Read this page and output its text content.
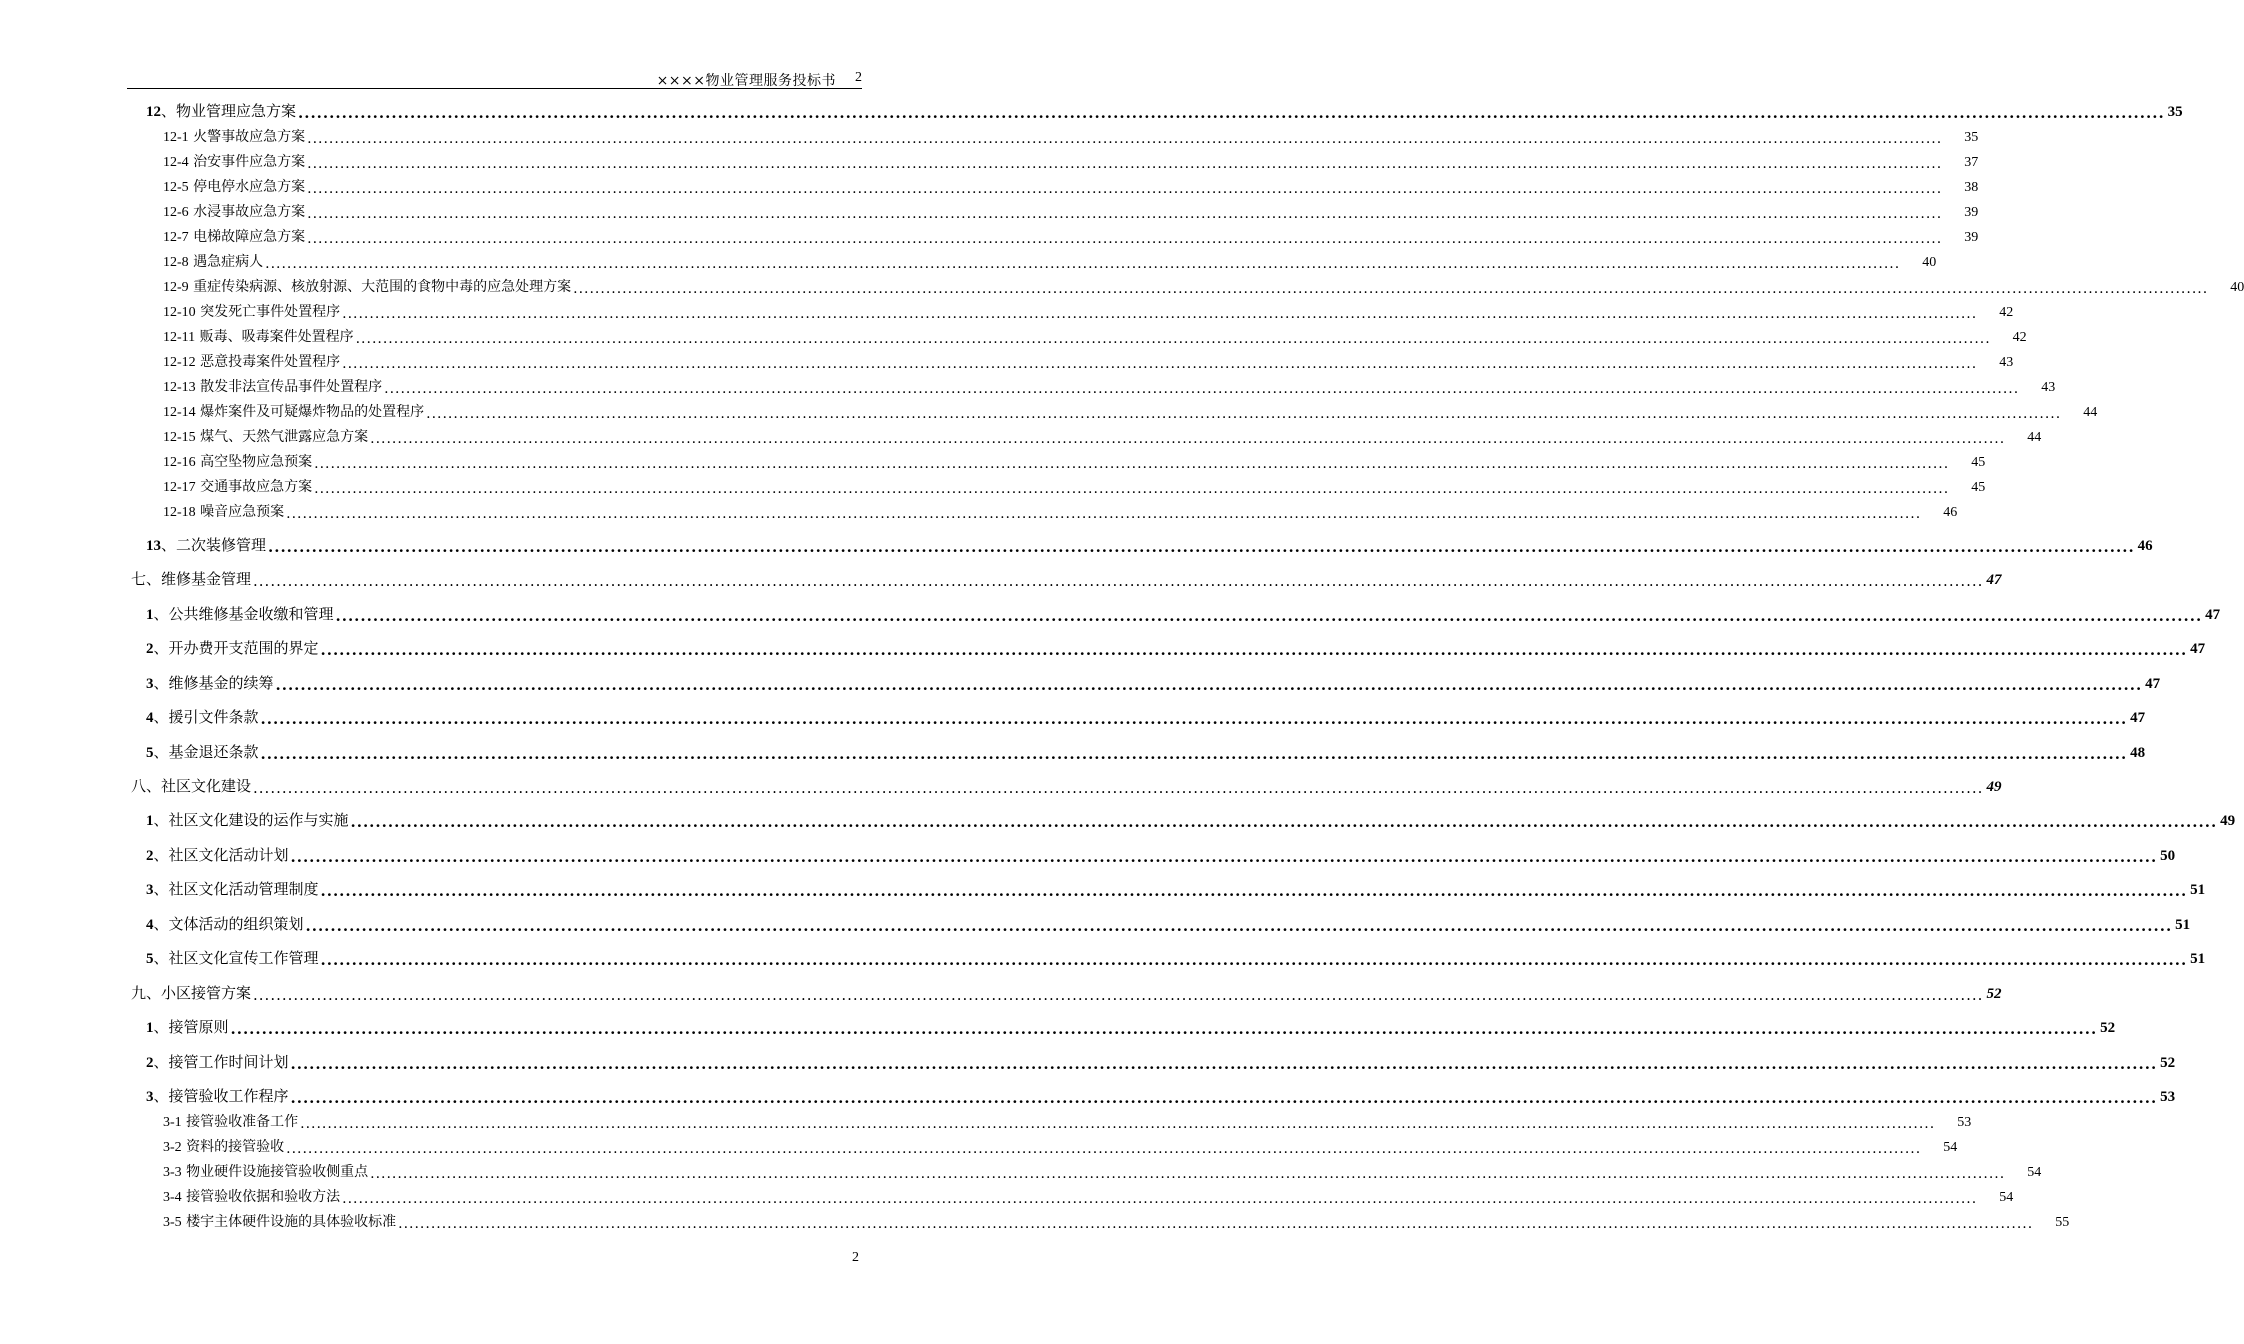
××××物业管理服务投标书 2
12、物业管理应急方案 ............................................................................................................................................................................................................................................................................................................ 35
12-1 火警事故应急方案 ............................................................................................................................................................................................................................................................................................................ 35
12-4 治安事件应急方案 ............................................................................................................................................................................................................................................................................................................ 37
12-5 停电停水应急方案 ............................................................................................................................................................................................................................................................................................................ 38
12-6 水浸事故应急方案 ............................................................................................................................................................................................................................................................................................................ 39
12-7 电梯故障应急方案 ............................................................................................................................................................................................................................................................................................................ 39
12-8 遇急症病人 ............................................................................................................................................................................................................................................................................................................ 40
12-9 重症传染病源、核放射源、大范围的食物中毒的应急处理方案 ............................................................................................................................................................................................................................................................................................................ 40
12-10 突发死亡事件处置程序 ............................................................................................................................................................................................................................................................................................................ 42
12-11 贩毒、吸毒案件处置程序 ............................................................................................................................................................................................................................................................................................................ 42
12-12 恶意投毒案件处置程序 ............................................................................................................................................................................................................................................................................................................ 43
12-13 散发非法宣传品事件处置程序 ............................................................................................................................................................................................................................................................................................................ 43
12-14 爆炸案件及可疑爆炸物品的处置程序 ............................................................................................................................................................................................................................................................................................................ 44
12-15 煤气、天然气泄露应急方案 ............................................................................................................................................................................................................................................................................................................ 44
12-16 高空坠物应急预案 ............................................................................................................................................................................................................................................................................................................ 45
12-17 交通事故应急方案 ............................................................................................................................................................................................................................................................................................................ 45
12-18 噪音应急预案 ............................................................................................................................................................................................................................................................................................................ 46
13、二次装修管理 ............................................................................................................................................................................................................................................................................................................ 46
七、维修基金管理 ............................................................................................................................................................................................................................................................................................................ 47
1、公共维修基金收缴和管理 ............................................................................................................................................................................................................................................................................................................ 47
2、开办费开支范围的界定 ............................................................................................................................................................................................................................................................................................................ 47
3、维修基金的续筹 ............................................................................................................................................................................................................................................................................................................ 47
4、援引文件条款 ............................................................................................................................................................................................................................................................................................................ 47
5、基金退还条款 ............................................................................................................................................................................................................................................................................................................ 48
八、社区文化建设 ............................................................................................................................................................................................................................................................................................................ 49
1、社区文化建设的运作与实施 ............................................................................................................................................................................................................................................................................................................ 49
2、社区文化活动计划 ............................................................................................................................................................................................................................................................................................................ 50
3、社区文化活动管理制度 ............................................................................................................................................................................................................................................................................................................ 51
4、文体活动的组织策划 ............................................................................................................................................................................................................................................................................................................ 51
5、社区文化宣传工作管理 ............................................................................................................................................................................................................................................................................................................ 51
九、小区接管方案 ............................................................................................................................................................................................................................................................................................................ 52
1、接管原则 ............................................................................................................................................................................................................................................................................................................ 52
2、接管工作时间计划 ............................................................................................................................................................................................................................................................................................................ 52
3、接管验收工作程序 ............................................................................................................................................................................................................................................................................................................ 53
3-1 接管验收准备工作 ............................................................................................................................................................................................................................................................................................................ 53
3-2 资料的接管验收 ............................................................................................................................................................................................................................................................................................................ 54
3-3 物业硬件设施接管验收侧重点 ............................................................................................................................................................................................................................................................................................................ 54
3-4 接管验收依据和验收方法 ............................................................................................................................................................................................................................................................................................................ 54
3-5 楼宇主体硬件设施的具体验收标准 ............................................................................................................................................................................................................................................................................................................ 55
2
